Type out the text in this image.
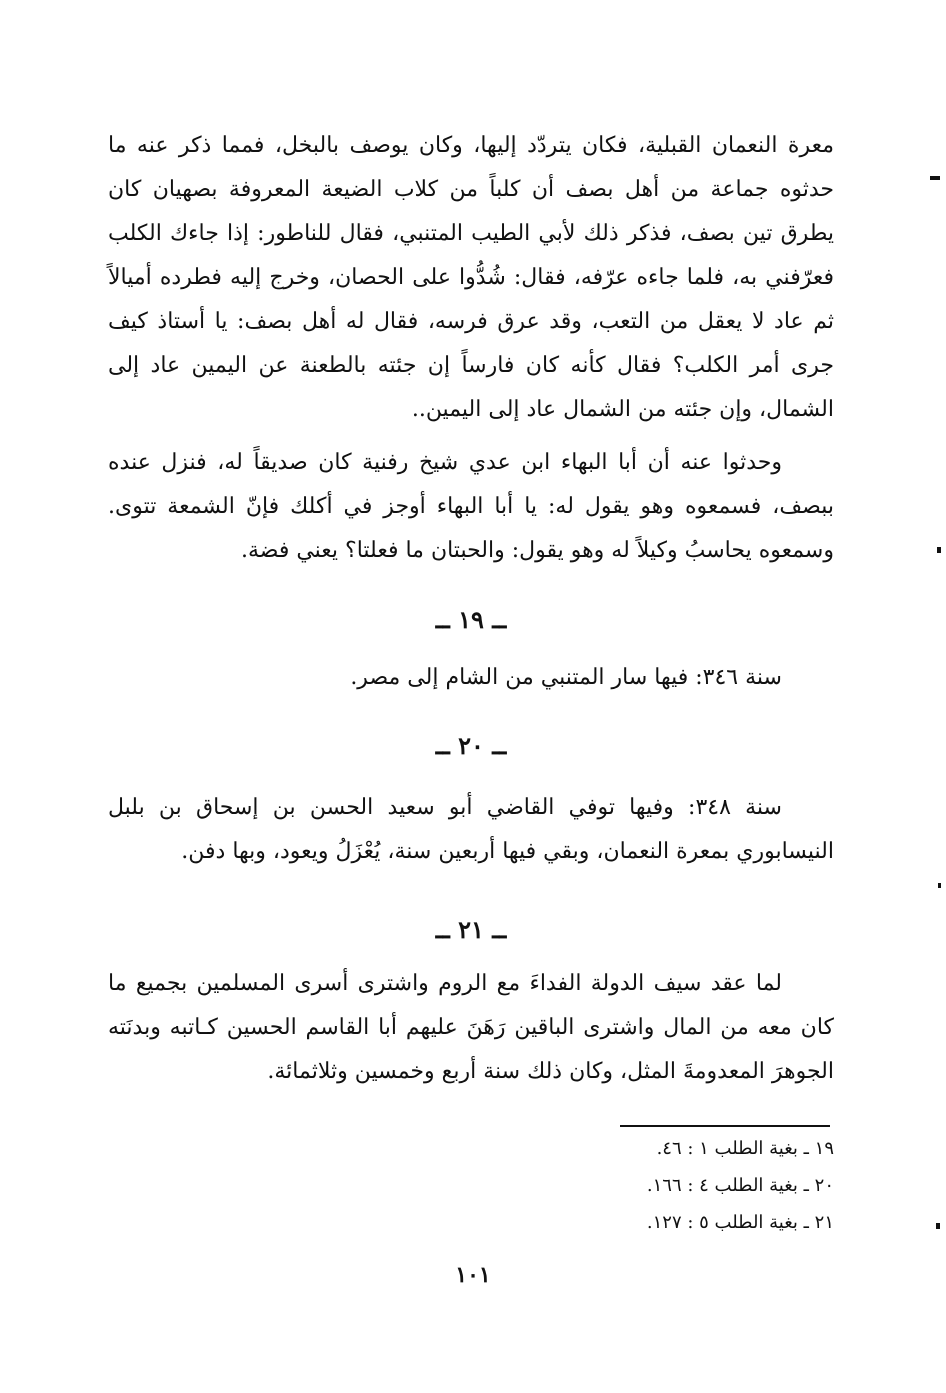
معرة النعمان القبلية، فكان يتردّد إليها، وكان يوصف بالبخل، فمما ذكر عنه ما
حدثوه جماعة من أهل بصف أن كلباً من كلاب الضيعة المعروفة بصهيان كان
يطرق تين بصف، فذكر ذلك لأبي الطيب المتنبي، فقال للناطور: إذا جاءك الكلب
فعرّفني به، فلما جاءه عرّفه، فقال: شُدُّوا على الحصان، وخرج إليه فطرده أميالاً
ثم عاد لا يعقل من التعب، وقد عرق فرسه، فقال له أهل بصف: يا أستاذ كيف
جرى أمر الكلب؟ فقال كأنه كان فارساً إن جئته بالطعنة عن اليمين عاد إلى
الشمال، وإن جئته من الشمال عاد إلى اليمين..
وحدثوا عنه أن أبا البهاء ابن عدي شيخ رفنية كان صديقاً له، فنزل عنده
ببصف، فسمعوه وهو يقول له: يا أبا البهاء أوجز في أكلك فإنّ الشمعة تتوى.
وسمعوه يحاسبُ وكيلاً له وهو يقول: والحبتان ما فعلتا؟ يعني فضة.
ــ ١٩ ــ
سنة ٣٤٦: فيها سار المتنبي من الشام إلى مصر.
ــ ٢٠ ــ
سنة ٣٤٨: وفيها توفي القاضي أبو سعيد الحسن بن إسحاق بن بلبل
النيسابوري بمعرة النعمان، وبقي فيها أربعين سنة، يُعْزَلُ ويعود، وبها دفن.
ــ ٢١ ــ
لما عقد سيف الدولة الفداءَ مع الروم واشترى أسرى المسلمين بجميع ما
كان معه من المال واشترى الباقين رَهَنَ عليهم أبا القاسم الحسين كـاتبه وبدنَته
الجوهرَ المعدومةَ المثل، وكان ذلك سنة أربع وخمسين وثلاثمائة.
١٩ ـ بغية الطلب ١ : ٤٦.
٢٠ ـ بغية الطلب ٤ : ١٦٦.
٢١ ـ بغية الطلب ٥ : ١٢٧.
١٠١
